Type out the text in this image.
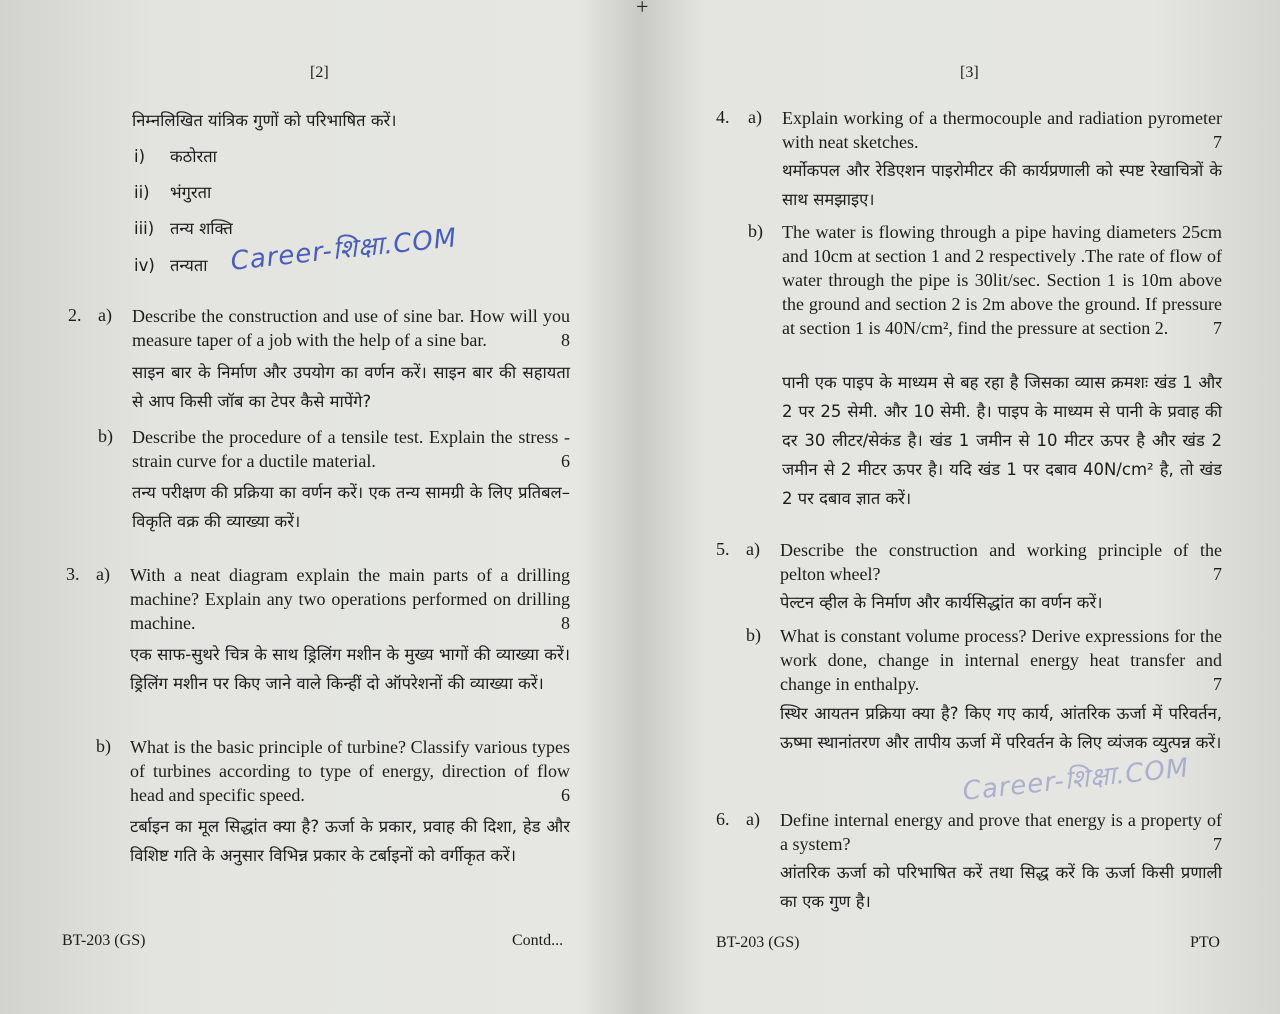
+
[2]
निम्नलिखित यांत्रिक गुणों को परिभाषित करें।
i) कठोरता
ii) भंगुरता
iii) तन्य शक्ति
iv) तन्यता Career-शिक्षा.COM
2. a) Describe the construction and use of sine bar. How will you measure taper of a job with the help of a sine bar.	8
साइन बार के निर्माण और उपयोग का वर्णन करें। साइन बार की सहायता से आप किसी जॉब का टेपर कैसे मापेंगे?
b) Describe the procedure of a tensile test. Explain the stress -strain curve for a ductile material.	6
तन्य परीक्षण की प्रक्रिया का वर्णन करें। एक तन्य सामग्री के लिए प्रतिबल–विकृति वक्र की व्याख्या करें।
3. a) With a neat diagram explain the main parts of a drilling machine? Explain any two operations performed on drilling machine.	8
एक साफ-सुथरे चित्र के साथ ड्रिलिंग मशीन के मुख्य भागों की व्याख्या करें। ड्रिलिंग मशीन पर किए जाने वाले किन्हीं दो ऑपरेशनों की व्याख्या करें।
b) What is the basic principle of turbine? Classify various types of turbines according to type of energy, direction of flow head and specific speed.	6
टर्बाइन का मूल सिद्धांत क्या है? ऊर्जा के प्रकार, प्रवाह की दिशा, हेड और विशिष्ट गति के अनुसार विभिन्न प्रकार के टर्बाइनों को वर्गीकृत करें।
BT-203 (GS)	Contd...
[3]
4. a) Explain working of a thermocouple and radiation pyrometer with neat sketches.	7
थर्मोकपल और रेडिएशन पाइरोमीटर की कार्यप्रणाली को स्पष्ट रेखाचित्रों के साथ समझाइए।
b) The water is flowing through a pipe having diameters 25cm and 10cm at section 1 and 2 respectively .The rate of flow of water through the pipe is 30lit/sec. Section 1 is 10m above the ground and section 2 is 2m above the ground. If pressure at section 1 is 40N/cm², find the pressure at section 2. 7
पानी एक पाइप के माध्यम से बह रहा है जिसका व्यास क्रमशः खंड 1 और 2 पर 25 सेमी. और 10 सेमी. है। पाइप के माध्यम से पानी के प्रवाह की दर 30 लीटर/सेकंड है। खंड 1 जमीन से 10 मीटर ऊपर है और खंड 2 जमीन से 2 मीटर ऊपर है। यदि खंड 1 पर दबाव 40N/cm² है, तो खंड 2 पर दबाव ज्ञात करें।
5. a) Describe the construction and working principle of the pelton wheel?	7
पेल्टन व्हील के निर्माण और कार्यसिद्धांत का वर्णन करें।
b) What is constant volume process? Derive expressions for the work done, change in internal energy heat transfer and change in enthalpy.	7
स्थिर आयतन प्रक्रिया क्या है? किए गए कार्य, आंतरिक ऊर्जा में परिवर्तन, ऊष्मा स्थानांतरण और तापीय ऊर्जा में परिवर्तन के लिए व्यंजक व्युत्पन्न करें।
Career-शिक्षा.COM
6. a) Define internal energy and prove that energy is a property of a system?	7
आंतरिक ऊर्जा को परिभाषित करें तथा सिद्ध करें कि ऊर्जा किसी प्रणाली का एक गुण है।
BT-203 (GS)	PTO
